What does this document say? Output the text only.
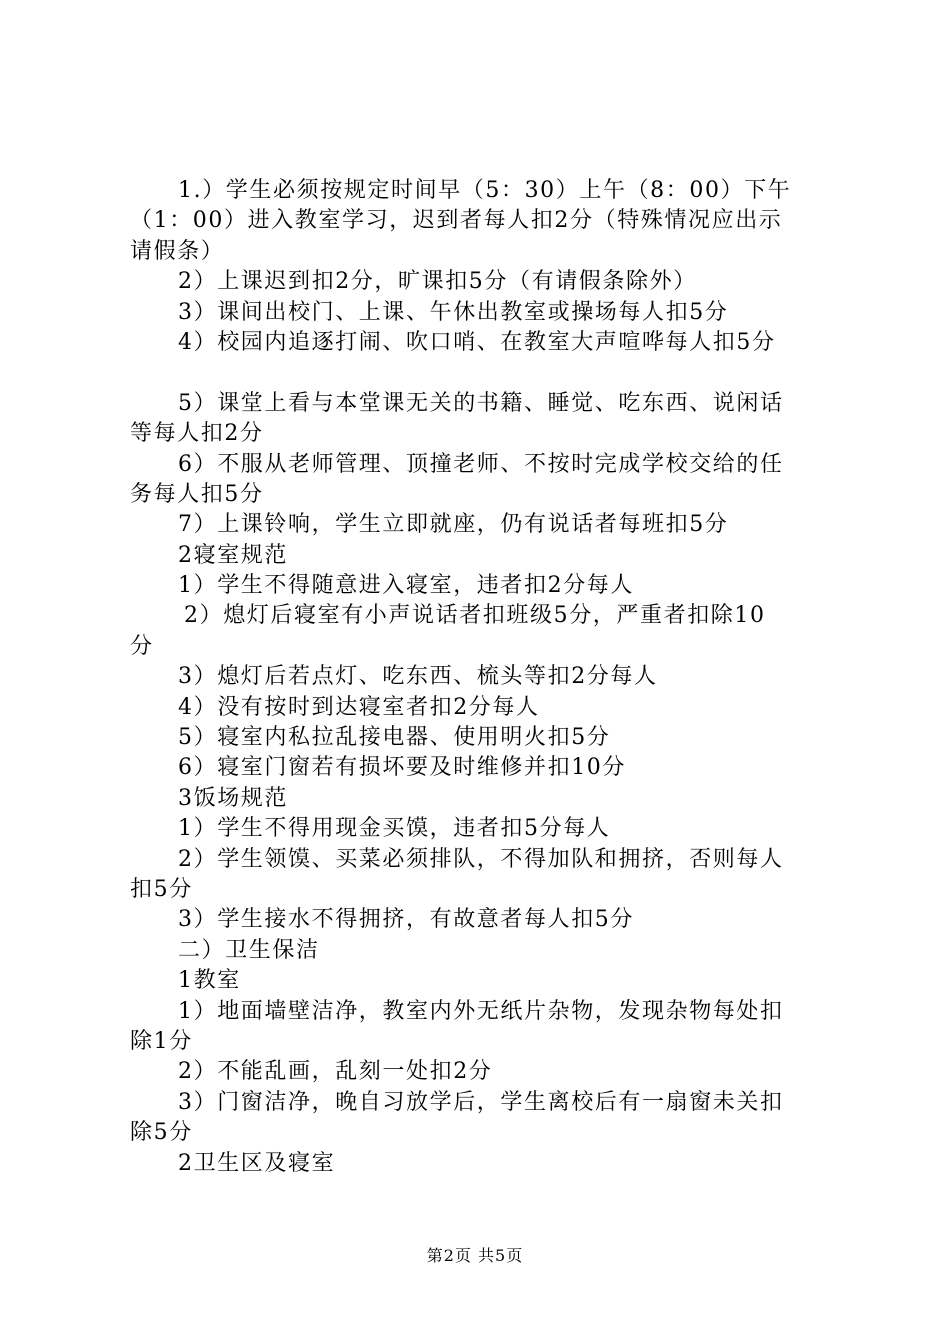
1.）学生必须按规定时间早（5：30）上午（8：00）下午
（1：00）进入教室学习，迟到者每人扣2分（特殊情况应出示
请假条）
2）上课迟到扣2分，旷课扣5分（有请假条除外）
3）课间出校门、上课、午休出教室或操场每人扣5分
4）校园内追逐打闹、吹口哨、在教室大声喧哗每人扣5分
5）课堂上看与本堂课无关的书籍、睡觉、吃东西、说闲话
等每人扣2分
6）不服从老师管理、顶撞老师、不按时完成学校交给的任
务每人扣5分
7）上课铃响，学生立即就座，仍有说话者每班扣5分
2寝室规范
1）学生不得随意进入寝室，违者扣2分每人
2）熄灯后寝室有小声说话者扣班级5分，严重者扣除10
分
3）熄灯后若点灯、吃东西、梳头等扣2分每人
4）没有按时到达寝室者扣2分每人
5）寝室内私拉乱接电器、使用明火扣5分
6）寝室门窗若有损坏要及时维修并扣10分
3饭场规范
1）学生不得用现金买馍，违者扣5分每人
2）学生领馍、买菜必须排队，不得加队和拥挤，否则每人
扣5分
3）学生接水不得拥挤，有故意者每人扣5分
二）卫生保洁
1教室
1）地面墙壁洁净，教室内外无纸片杂物，发现杂物每处扣
除1分
2）不能乱画，乱刻一处扣2分
3）门窗洁净，晚自习放学后，学生离校后有一扇窗未关扣
除5分
2卫生区及寝室
第2页 共5页
